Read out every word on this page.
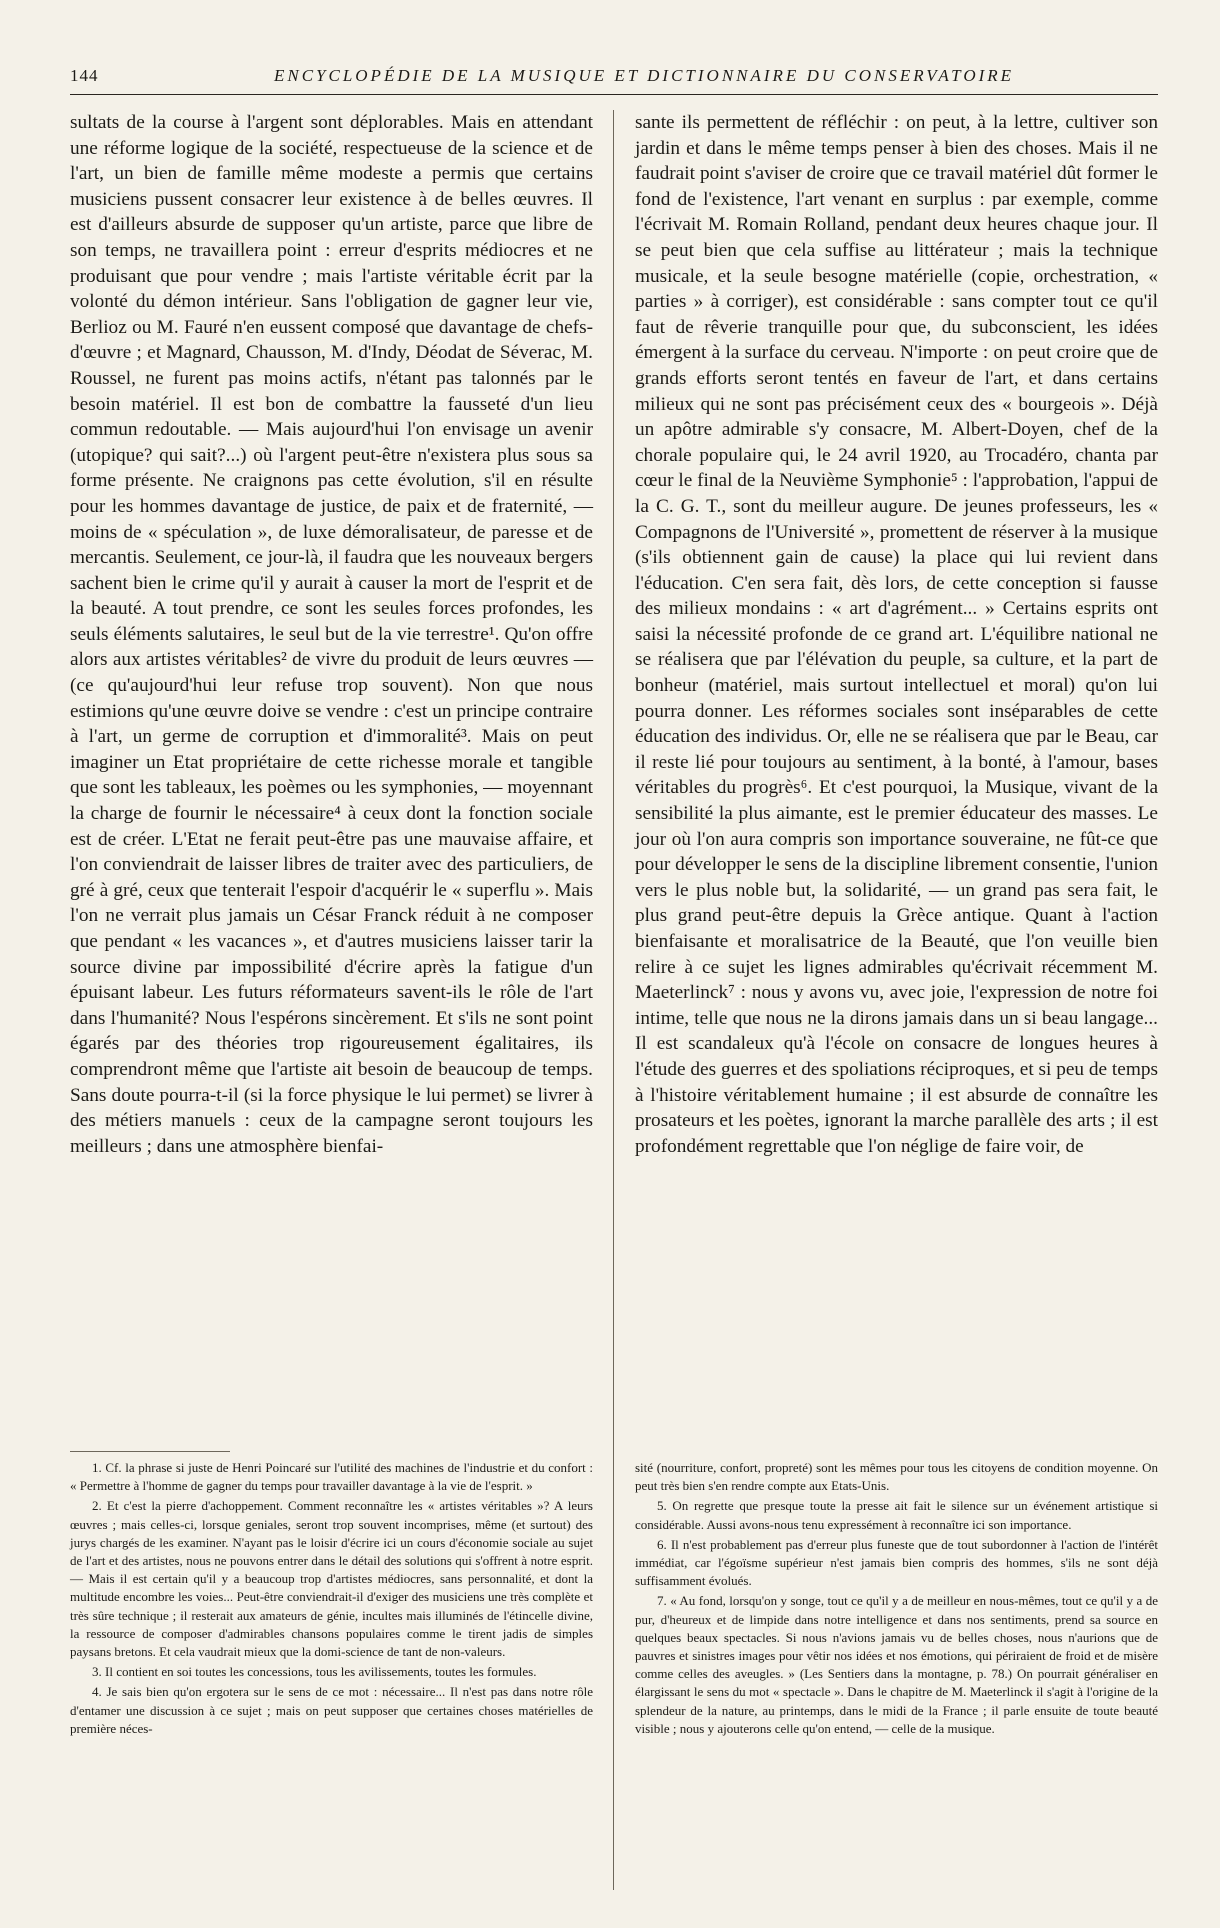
144	ENCYCLOPÉDIE DE LA MUSIQUE ET DICTIONNAIRE DU CONSERVATOIRE

sultats de la course à l'argent sont déplorables. Mais en attendant une réforme logique de la société, respectueuse de la science et de l'art, un bien de famille même modeste a permis que certains musiciens pussent consacrer leur existence à de belles œuvres. Il est d'ailleurs absurde de supposer qu'un artiste, parce que libre de son temps, ne travaillera point : erreur d'esprits médiocres et ne produisant que pour vendre ; mais l'artiste véritable écrit par la volonté du démon intérieur. Sans l'obligation de gagner leur vie, Berlioz ou M. Fauré n'en eussent composé que davantage de chefs-d'œuvre ; et Magnard, Chausson, M. d'Indy, Déodat de Séverac, M. Roussel, ne furent pas moins actifs, n'étant pas talonnés par le besoin matériel. Il est bon de combattre la fausseté d'un lieu commun redoutable. — Mais aujourd'hui l'on envisage un avenir (utopique? qui sait?...) où l'argent peut-être n'existera plus sous sa forme présente. Ne craignons pas cette évolution, s'il en résulte pour les hommes davantage de justice, de paix et de fraternité, — moins de « spéculation », de luxe démoralisateur, de paresse et de mercantis. Seulement, ce jour-là, il faudra que les nouveaux bergers sachent bien le crime qu'il y aurait à causer la mort de l'esprit et de la beauté. A tout prendre, ce sont les seules forces profondes, les seuls éléments salutaires, le seul but de la vie terrestre¹. Qu'on offre alors aux artistes véritables² de vivre du produit de leurs œuvres — (ce qu'aujourd'hui leur refuse trop souvent). Non que nous estimions qu'une œuvre doive se vendre : c'est un principe contraire à l'art, un germe de corruption et d'immoralité³. Mais on peut imaginer un Etat propriétaire de cette richesse morale et tangible que sont les tableaux, les poèmes ou les symphonies, — moyennant la charge de fournir le nécessaire⁴ à ceux dont la fonction sociale est de créer. L'Etat ne ferait peut-être pas une mauvaise affaire, et l'on conviendrait de laisser libres de traiter avec des particuliers, de gré à gré, ceux que tenterait l'espoir d'acquérir le « superflu ». Mais l'on ne verrait plus jamais un César Franck réduit à ne composer que pendant « les vacances », et d'autres musiciens laisser tarir la source divine par impossibilité d'écrire après la fatigue d'un épuisant labeur. Les futurs réformateurs savent-ils le rôle de l'art dans l'humanité? Nous l'espérons sincèrement. Et s'ils ne sont point égarés par des théories trop rigoureusement égalitaires, ils comprendront même que l'artiste ait besoin de beaucoup de temps. Sans doute pourra-t-il (si la force physique le lui permet) se livrer à des métiers manuels : ceux de la campagne seront toujours les meilleurs ; dans une atmosphère bienfai-

sante ils permettent de réfléchir : on peut, à la lettre, cultiver son jardin et dans le même temps penser à bien des choses. Mais il ne faudrait point s'aviser de croire que ce travail matériel dût former le fond de l'existence, l'art venant en surplus : par exemple, comme l'écrivait M. Romain Rolland, pendant deux heures chaque jour. Il se peut bien que cela suffise au littérateur ; mais la technique musicale, et la seule besogne matérielle (copie, orchestration, « parties » à corriger), est considérable : sans compter tout ce qu'il faut de rêverie tranquille pour que, du subconscient, les idées émergent à la surface du cerveau. N'importe : on peut croire que de grands efforts seront tentés en faveur de l'art, et dans certains milieux qui ne sont pas précisément ceux des « bourgeois ». Déjà un apôtre admirable s'y consacre, M. Albert-Doyen, chef de la chorale populaire qui, le 24 avril 1920, au Trocadéro, chanta par cœur le final de la Neuvième Symphonie⁵ : l'approbation, l'appui de la C. G. T., sont du meilleur augure. De jeunes professeurs, les « Compagnons de l'Université », promettent de réserver à la musique (s'ils obtiennent gain de cause) la place qui lui revient dans l'éducation. C'en sera fait, dès lors, de cette conception si fausse des milieux mondains : « art d'agrément... » Certains esprits ont saisi la nécessité profonde de ce grand art. L'équilibre national ne se réalisera que par l'élévation du peuple, sa culture, et la part de bonheur (matériel, mais surtout intellectuel et moral) qu'on lui pourra donner. Les réformes sociales sont inséparables de cette éducation des individus. Or, elle ne se réalisera que par le Beau, car il reste lié pour toujours au sentiment, à la bonté, à l'amour, bases véritables du progrès⁶. Et c'est pourquoi, la Musique, vivant de la sensibilité la plus aimante, est le premier éducateur des masses. Le jour où l'on aura compris son importance souveraine, ne fût-ce que pour développer le sens de la discipline librement consentie, l'union vers le plus noble but, la solidarité, — un grand pas sera fait, le plus grand peut-être depuis la Grèce antique. Quant à l'action bienfaisante et moralisatrice de la Beauté, que l'on veuille bien relire à ce sujet les lignes admirables qu'écrivait récemment M. Maeterlinck⁷ : nous y avons vu, avec joie, l'expression de notre foi intime, telle que nous ne la dirons jamais dans un si beau langage... Il est scandaleux qu'à l'école on consacre de longues heures à l'étude des guerres et des spoliations réciproques, et si peu de temps à l'histoire véritablement humaine ; il est absurde de connaître les prosateurs et les poètes, ignorant la marche parallèle des arts ; il est profondément regrettable que l'on néglige de faire voir, de

1. Cf. la phrase si juste de Henri Poincaré sur l'utilité des machines de l'industrie et du confort : « Permettre à l'homme de gagner du temps pour travailler davantage à la vie de l'esprit. »

2. Et c'est la pierre d'achoppement. Comment reconnaître les « artistes véritables »? A leurs œuvres ; mais celles-ci, lorsque geniales, seront trop souvent incomprises, même (et surtout) des jurys chargés de les examiner. N'ayant pas le loisir d'écrire ici un cours d'économie sociale au sujet de l'art et des artistes, nous ne pouvons entrer dans le détail des solutions qui s'offrent à notre esprit. — Mais il est certain qu'il y a beaucoup trop d'artistes médiocres, sans personnalité, et dont la multitude encombre les voies... Peut-être conviendrait-il d'exiger des musiciens une très complète et très sûre technique ; il resterait aux amateurs de génie, incultes mais illuminés de l'étincelle divine, la ressource de composer d'admirables chansons populaires comme le tirent jadis de simples paysans bretons. Et cela vaudrait mieux que la domi-science de tant de non-valeurs.

3. Il contient en soi toutes les concessions, tous les avilissements, toutes les formules.

4. Je sais bien qu'on ergotera sur le sens de ce mot : nécessaire... Il n'est pas dans notre rôle d'entamer une discussion à ce sujet ; mais on peut supposer que certaines choses matérielles de première néces-

sité (nourriture, confort, propreté) sont les mêmes pour tous les citoyens de condition moyenne. On peut très bien s'en rendre compte aux Etats-Unis.

5. On regrette que presque toute la presse ait fait le silence sur un événement artistique si considérable. Aussi avons-nous tenu expressément à reconnaître ici son importance.

6. Il n'est probablement pas d'erreur plus funeste que de tout subordonner à l'action de l'intérêt immédiat, car l'égoïsme supérieur n'est jamais bien compris des hommes, s'ils ne sont déjà suffisamment évolués.

7. « Au fond, lorsqu'on y songe, tout ce qu'il y a de meilleur en nous-mêmes, tout ce qu'il y a de pur, d'heureux et de limpide dans notre intelligence et dans nos sentiments, prend sa source en quelques beaux spectacles. Si nous n'avions jamais vu de belles choses, nous n'aurions que de pauvres et sinistres images pour vêtir nos idées et nos émotions, qui périraient de froid et de misère comme celles des aveugles. » (Les Sentiers dans la montagne, p. 78.) On pourrait généraliser en élargissant le sens du mot « spectacle ». Dans le chapitre de M. Maeterlinck il s'agit à l'origine de la splendeur de la nature, au printemps, dans le midi de la France ; il parle ensuite de toute beauté visible ; nous y ajouterons celle qu'on entend, — celle de la musique.
